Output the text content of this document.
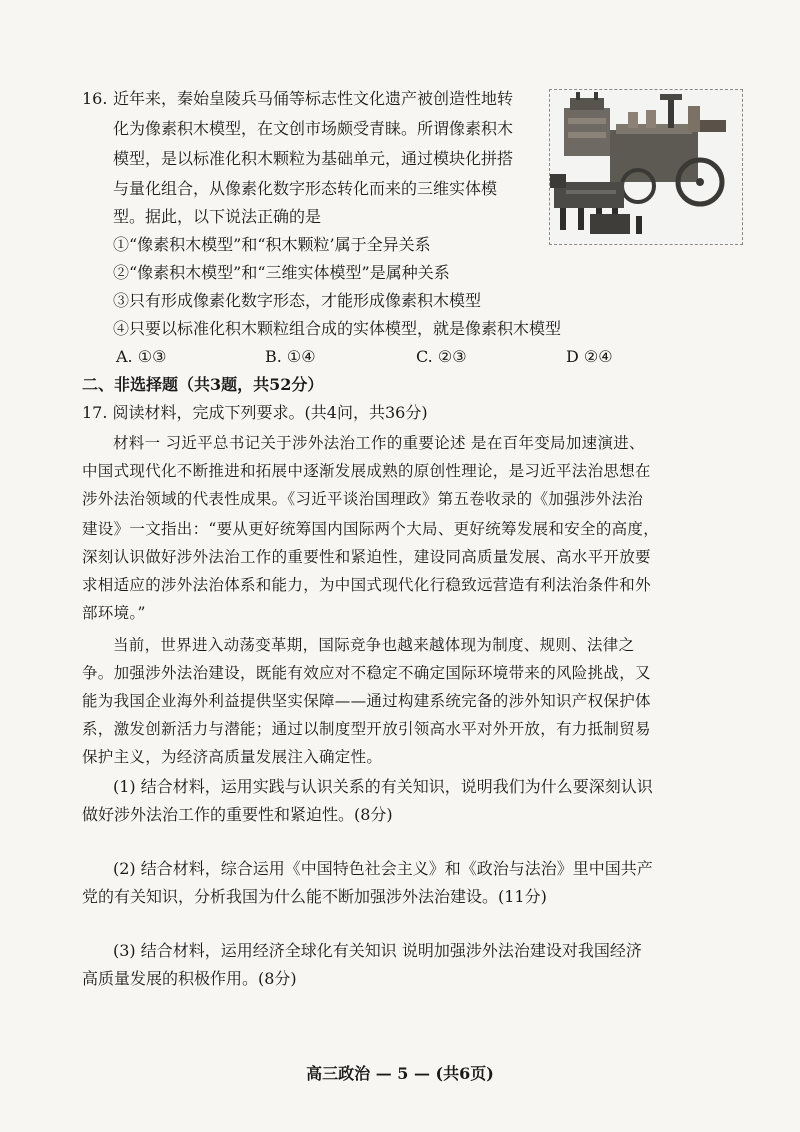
16. 近年来，秦始皇陵兵马俑等标志性文化遗产被创造性地转
化为像素积木模型，在文创市场颇受青睐。所谓像素积木
模型，是以标准化积木颗粒为基础单元，通过模块化拼搭
与量化组合，从像素化数字形态转化而来的三维实体模
型。据此，以下说法正确的是
①“像素积木模型”和“积木颗粒’属于全异关系
②“像素积木模型”和“三维实体模型”是属种关系
③只有形成像素化数字形态，才能形成像素积木模型
④只要以标准化积木颗粒组合成的实体模型，就是像素积木模型
A. ①③	B. ①④	C. ②③	D ②④
二、非选择题（共3题，共52分）
17. 阅读材料，完成下列要求。(共4问，共36分)
材料一 习近平总书记关于涉外法治工作的重要论述 是在百年变局加速演进、
中国式现代化不断推进和拓展中逐渐发展成熟的原创性理论，是习近平法治思想在
涉外法治领域的代表性成果。《习近平谈治国理政》第五卷收录的《加强涉外法治
建设》一文指出：“要从更好统筹国内国际两个大局、更好统筹发展和安全的高度，
深刻认识做好涉外法治工作的重要性和紧迫性，建设同高质量发展、高水平开放要
求相适应的涉外法治体系和能力，为中国式现代化行稳致远营造有利法治条件和外
部环境。”
当前，世界进入动荡变革期，国际竞争也越来越体现为制度、规则、法律之
争。加强涉外法治建设，既能有效应对不稳定不确定国际环境带来的风险挑战，又
能为我国企业海外利益提供坚实保障——通过构建系统完备的涉外知识产权保护体
系，激发创新活力与潜能；通过以制度型开放引领高水平对外开放，有力抵制贸易
保护主义，为经济高质量发展注入确定性。
(1) 结合材料，运用实践与认识关系的有关知识，说明我们为什么要深刻认识
做好涉外法治工作的重要性和紧迫性。(8分)
(2) 结合材料，综合运用《中国特色社会主义》和《政治与法治》里中国共产
党的有关知识，分析我国为什么能不断加强涉外法治建设。(11分)
(3) 结合材料，运用经济全球化有关知识 说明加强涉外法治建设对我国经济
高质量发展的积极作用。(8分)
高三政治 — 5 — (共6页)
